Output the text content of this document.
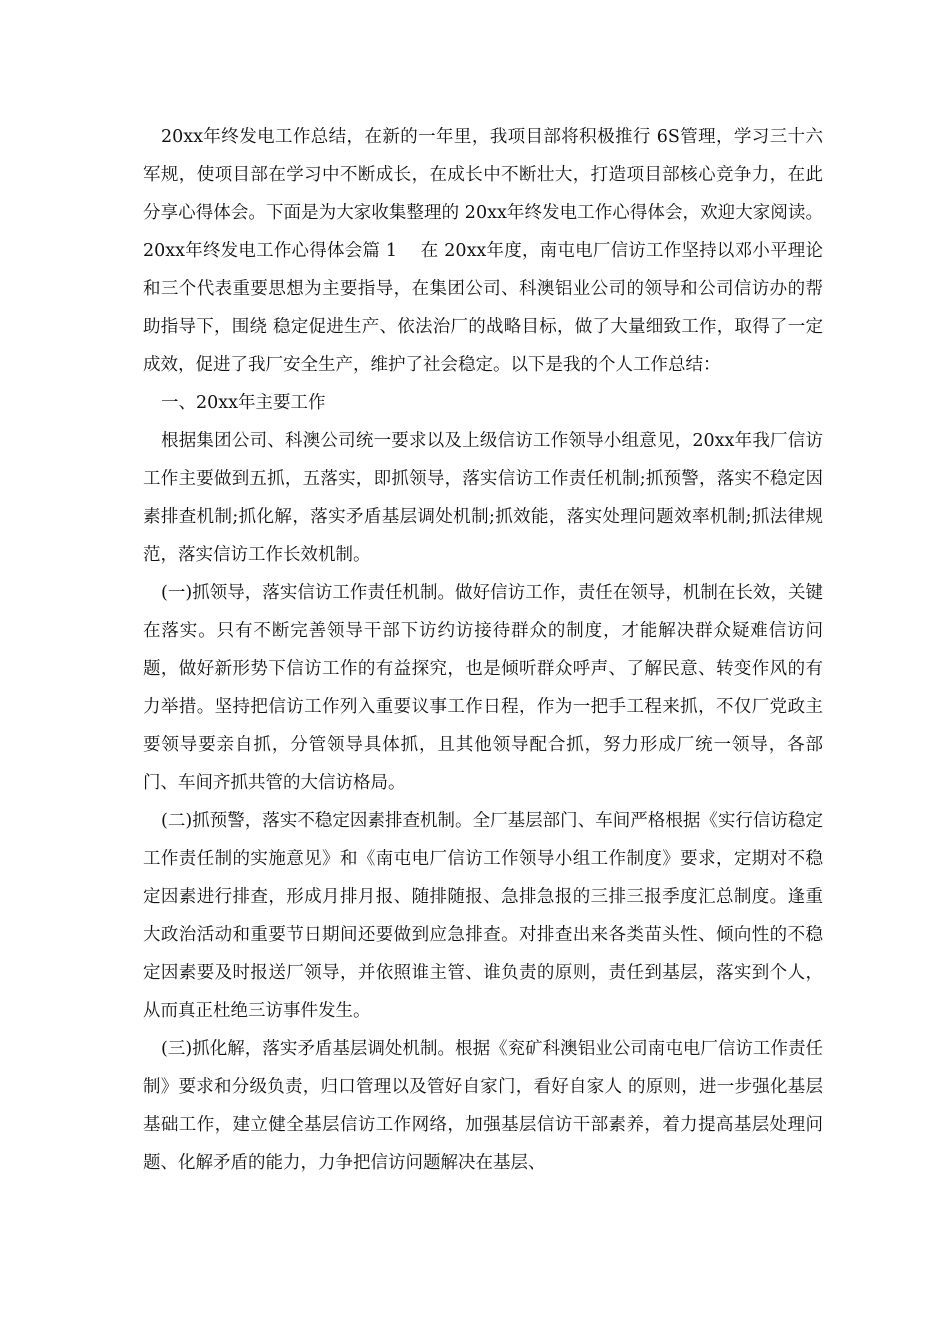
20xx年终发电工作总结，在新的一年里，我项目部将积极推行 6S管理，学习三十六军规，使项目部在学习中不断成长，在成长中不断壮大，打造项目部核心竞争力，在此分享心得体会。下面是为大家收集整理的 20xx年终发电工作心得体会，欢迎大家阅读。20xx年终发电工作心得体会篇 1　 在 20xx年度，南屯电厂信访工作坚持以邓小平理论和三个代表重要思想为主要指导，在集团公司、科澳铝业公司的领导和公司信访办的帮助指导下，围绕 稳定促进生产、依法治厂的战略目标，做了大量细致工作，取得了一定成效，促进了我厂安全生产，维护了社会稳定。以下是我的个人工作总结：

一、20xx年主要工作

根据集团公司、科澳公司统一要求以及上级信访工作领导小组意见，20xx年我厂信访工作主要做到五抓，五落实，即抓领导，落实信访工作责任机制;抓预警，落实不稳定因素排查机制;抓化解，落实矛盾基层调处机制;抓效能，落实处理问题效率机制;抓法律规范，落实信访工作长效机制。

(一)抓领导，落实信访工作责任机制。做好信访工作，责任在领导，机制在长效，关键在落实。只有不断完善领导干部下访约访接待群众的制度，才能解决群众疑难信访问题，做好新形势下信访工作的有益探究，也是倾听群众呼声、了解民意、转变作风的有力举措。坚持把信访工作列入重要议事工作日程，作为一把手工程来抓，不仅厂党政主要领导要亲自抓，分管领导具体抓，且其他领导配合抓，努力形成厂统一领导，各部门、车间齐抓共管的大信访格局。

(二)抓预警，落实不稳定因素排查机制。全厂基层部门、车间严格根据《实行信访稳定工作责任制的实施意见》和《南屯电厂信访工作领导小组工作制度》要求，定期对不稳定因素进行排查，形成月排月报、随排随报、急排急报的三排三报季度汇总制度。逢重大政治活动和重要节日期间还要做到应急排查。对排查出来各类苗头性、倾向性的不稳定因素要及时报送厂领导，并依照谁主管、谁负责的原则，责任到基层，落实到个人，从而真正杜绝三访事件发生。

(三)抓化解，落实矛盾基层调处机制。根据《兖矿科澳铝业公司南屯电厂信访工作责任制》要求和分级负责，归口管理以及管好自家门，看好自家人 的原则，进一步强化基层基础工作，建立健全基层信访工作网络，加强基层信访干部素养，着力提高基层处理问题、化解矛盾的能力，力争把信访问题解决在基层、
